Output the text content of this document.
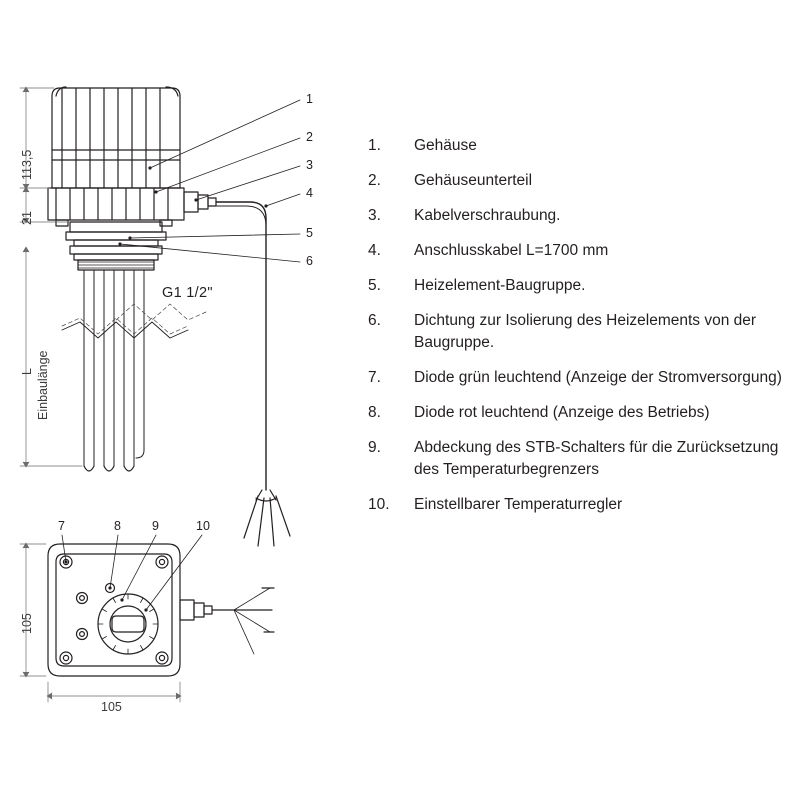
113,5
21
L Einbaulänge
105
105
G1 1/2"
1
2
3
4
5
6
7	8 9	10
1.	Gehäuse
2.	Gehäuseunterteil
3.	Kabelverschraubung.
4.	Anschlusskabel L=1700 mm
5.	Heizelement-Baugruppe.
6.	Dichtung zur Isolierung des Heizelements von der Baugruppe.
7.	Diode grün leuchtend (Anzeige der Stromversorgung)
8.	Diode rot leuchtend (Anzeige des Betriebs)
9.	Abdeckung des STB-Schalters für die Zurücksetzung des Temperaturbegrenzers
10.	Einstellbarer Temperaturregler
